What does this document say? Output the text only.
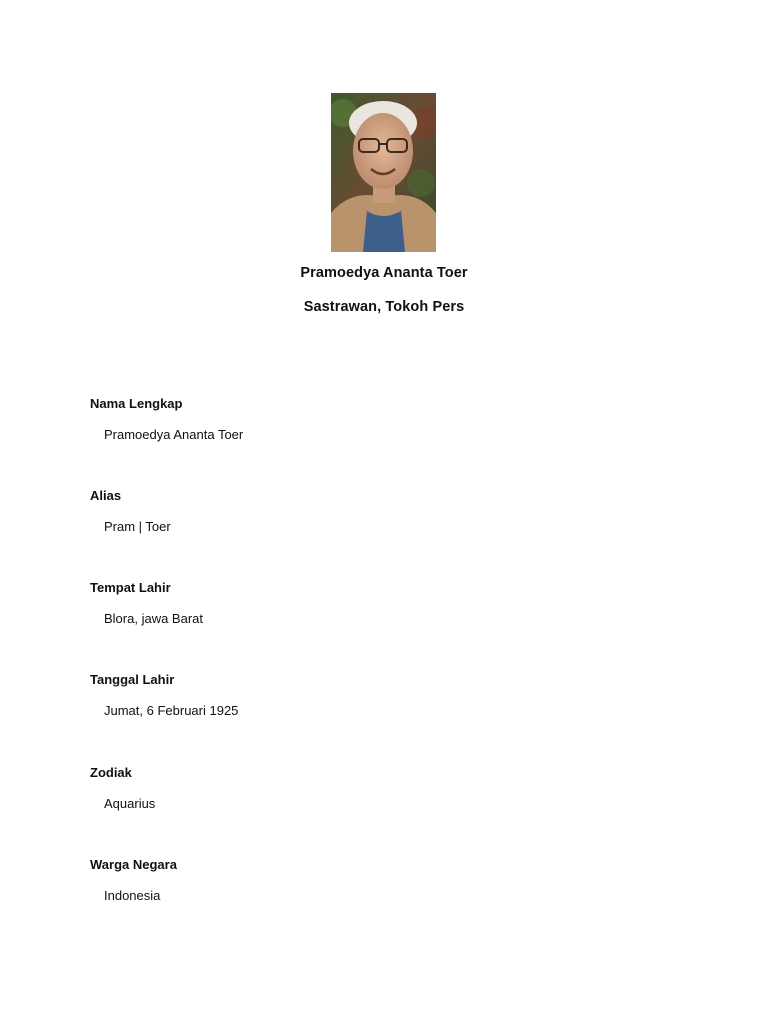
Pramoedya Ananta Toer
Sastrawan, Tokoh Pers

Nama Lengkap

Pramoedya Ananta Toer

Alias

Pram | Toer

Tempat Lahir

Blora, jawa Barat

Tanggal Lahir

Jumat, 6 Februari 1925

Zodiak

Aquarius

Warga Negara

Indonesia
